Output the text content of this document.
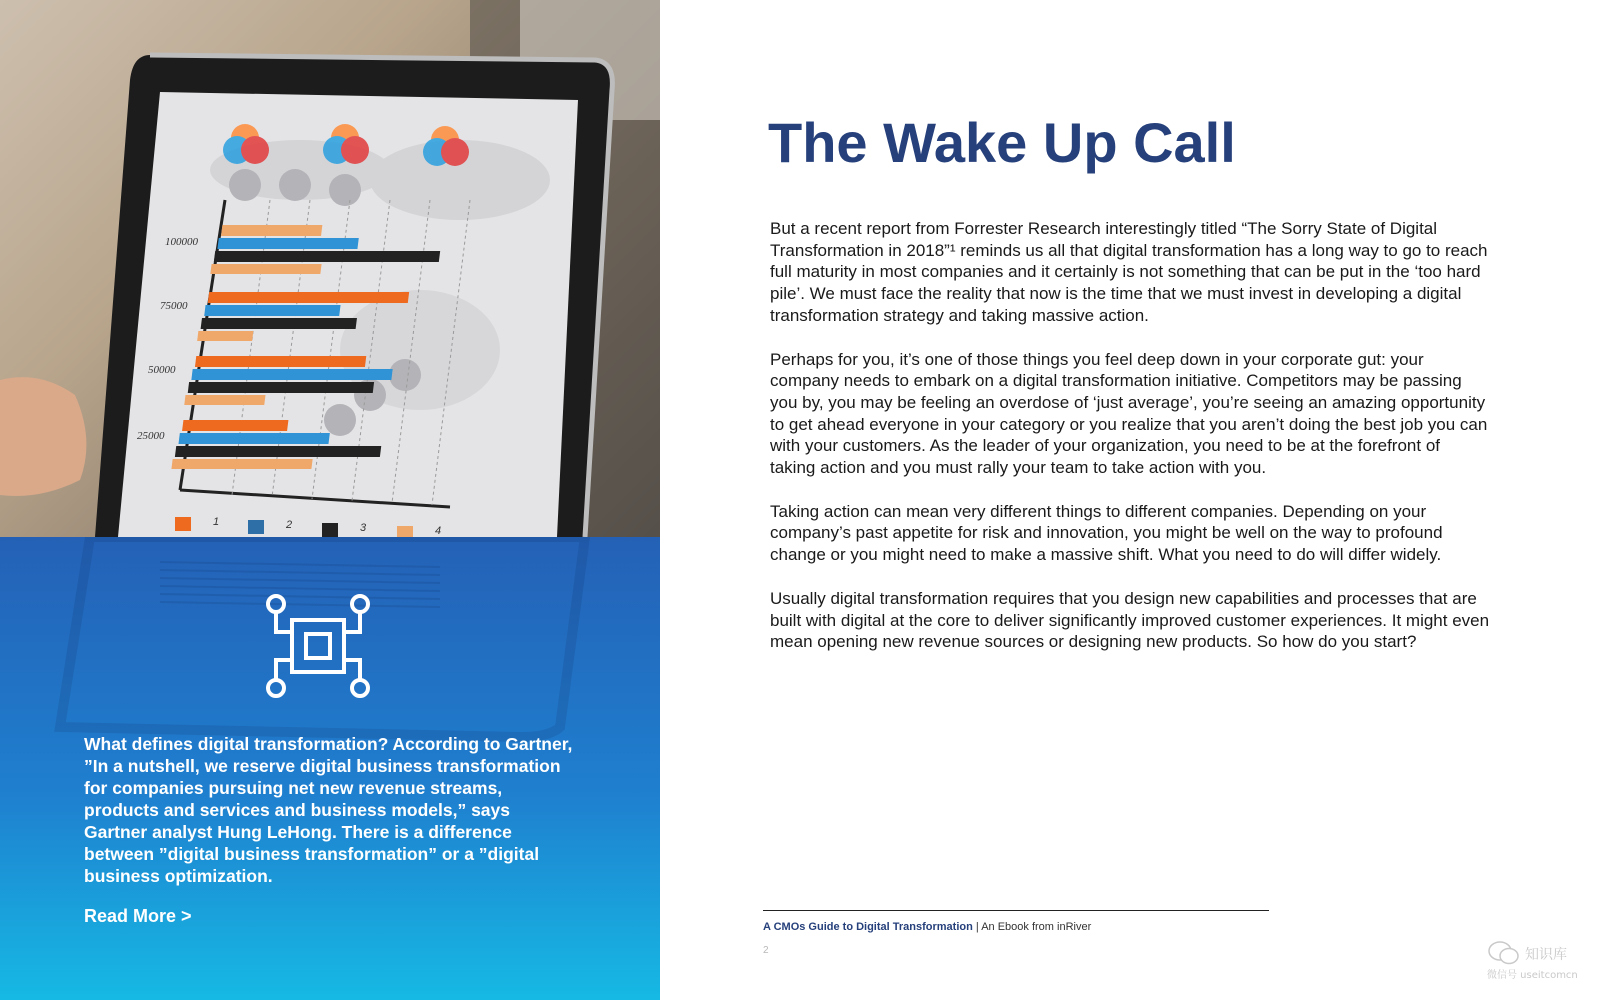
100000
75000
50000
25000
1	2	3	4

What defines digital transformation? According to Gartner, ”In a nutshell, we reserve digital business transformation for companies pursuing net new revenue streams, products and services and business models,” says Gartner analyst Hung LeHong. There is a difference between ”digital business transformation” or a ”digital business optimization.

Read More >
The Wake Up Call

But a recent report from Forrester Research interestingly titled “The Sorry State of Digital Transformation in 2018”¹ reminds us all that digital transformation has a long way to go to reach full maturity in most companies and it certainly is not something that can be put in the ‘too hard pile’. We must face the reality that now is the time that we must invest in developing a digital transformation strategy and taking massive action.

Perhaps for you, it’s one of those things you feel deep down in your corporate gut: your company needs to embark on a digital transformation initiative. Competitors may be passing you by, you may be feeling an overdose of ‘just average’, you’re seeing an amazing opportunity to get ahead everyone in your category or you realize that you aren’t doing the best job you can with your customers. As the leader of your organization, you need to be at the forefront of taking action and you must rally your team to take action with you.

Taking action can mean very different things to different companies. Depending on your company’s past appetite for risk and innovation, you might be well on the way to profound change or you might need to make a massive shift. What you need to do will differ widely.

Usually digital transformation requires that you design new capabilities and processes that are built with digital at the core to deliver significantly improved customer experiences. It might even mean opening new revenue sources or designing new products. So how do you start?

A CMOs Guide to Digital Transformation | An Ebook from inRiver
2	知识库
微信号 useitcomcn
